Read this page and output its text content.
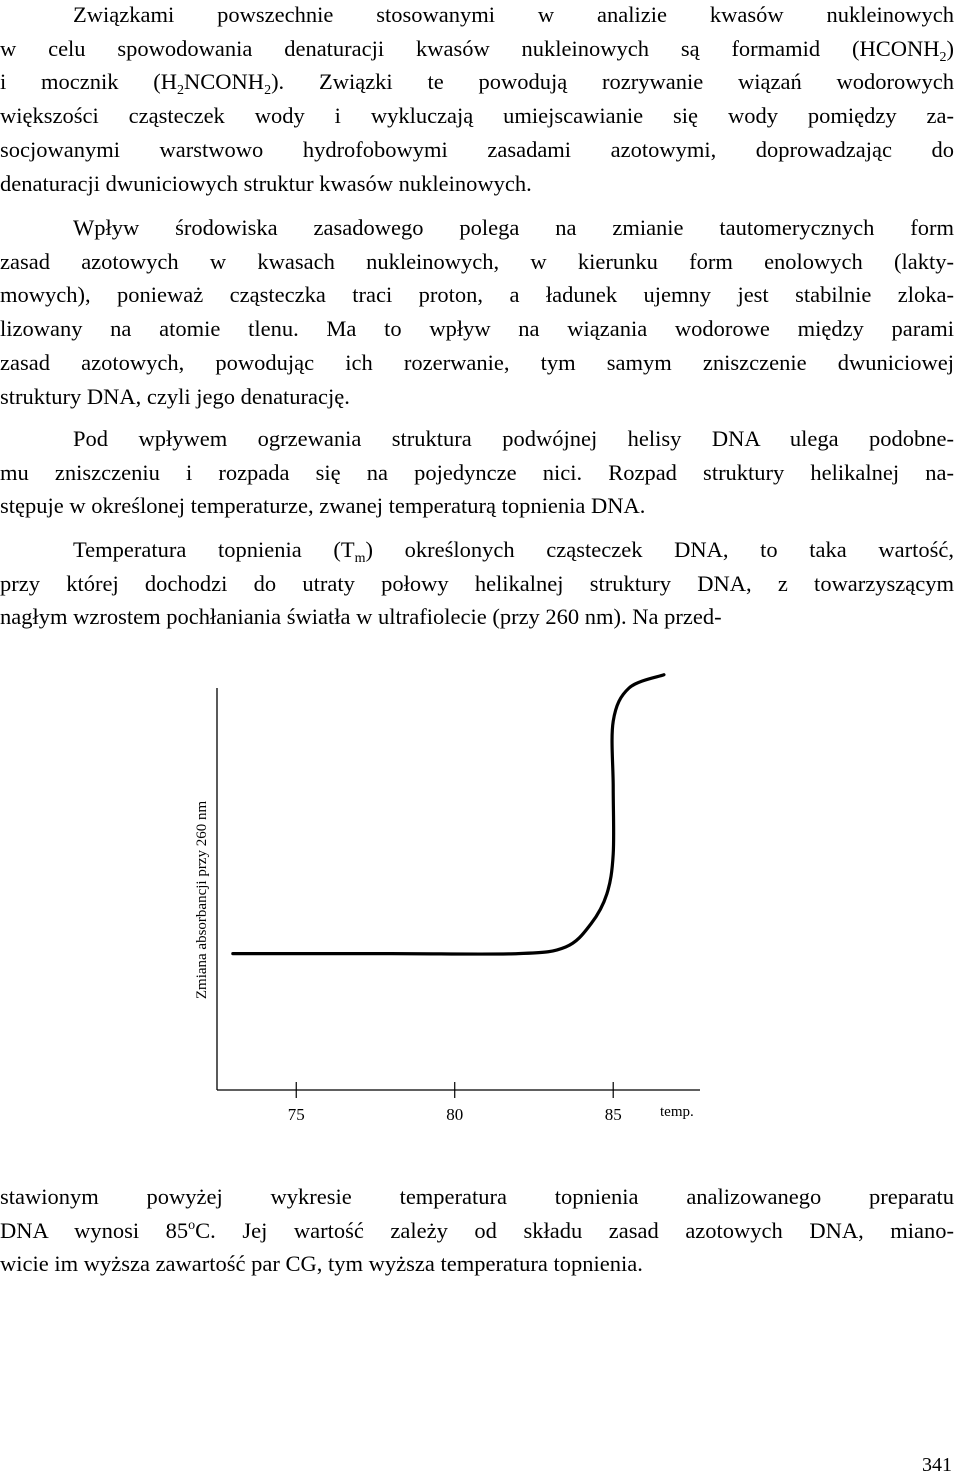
Związkami powszechnie stosowanymi w analizie kwasów nukleinowych
w celu spowodowania denaturacji kwasów nukleinowych są formamid $(HCONH_2)$
i mocznik $(H_2NCONH_2)$. Związki te powodują rozrywanie wiązań wodorowych
większości cząsteczek wody i wykluczają umiejscawianie się wody pomiędzy za-
socjowanymi warstwowo hydrofobowymi zasadami azotowymi, doprowadzając do
denaturacji dwuniciowych struktur kwasów nukleinowych.
Wpływ środowiska zasadowego polega na zmianie tautomerycznych form
zasad azotowych w kwasach nukleinowych, w kierunku form enolowych (lakty-
mowych), ponieważ cząsteczka traci proton, a ładunek ujemny jest stabilnie zloka-
lizowany na atomie tlenu. Ma to wpływ na wiązania wodorowe między parami
zasad azotowych, powodując ich rozerwanie, tym samym zniszczenie dwuniciowej
struktury DNA, czyli jego denaturację.
Pod wpływem ogrzewania struktura podwójnej helisy DNA ulega podobne-
mu zniszczeniu i rozpada się na pojedyncze nici. Rozpad struktury helikalnej na-
stępuje w określonej temperaturze, zwanej temperaturą topnienia DNA.
Temperatura topnienia $(T_m)$ określonych cząsteczek DNA, to taka wartość,
przy której dochodzi do utraty połowy helikalnej struktury DNA, z towarzyszącym
nagłym wzrostem pochłaniania światła w ultrafiolecie (przy 260 nm). Na przed-
75	80	85	temp.
Zmiana absorbancji przy 260 nm
stawionym powyżej wykresie temperatura topnienia analizowanego preparatu
DNA wynosi 85$^o$C. Jej wartość zależy od składu zasad azotowych DNA, miano-
wicie im wyższa zawartość par CG, tym wyższa temperatura topnienia.
341
